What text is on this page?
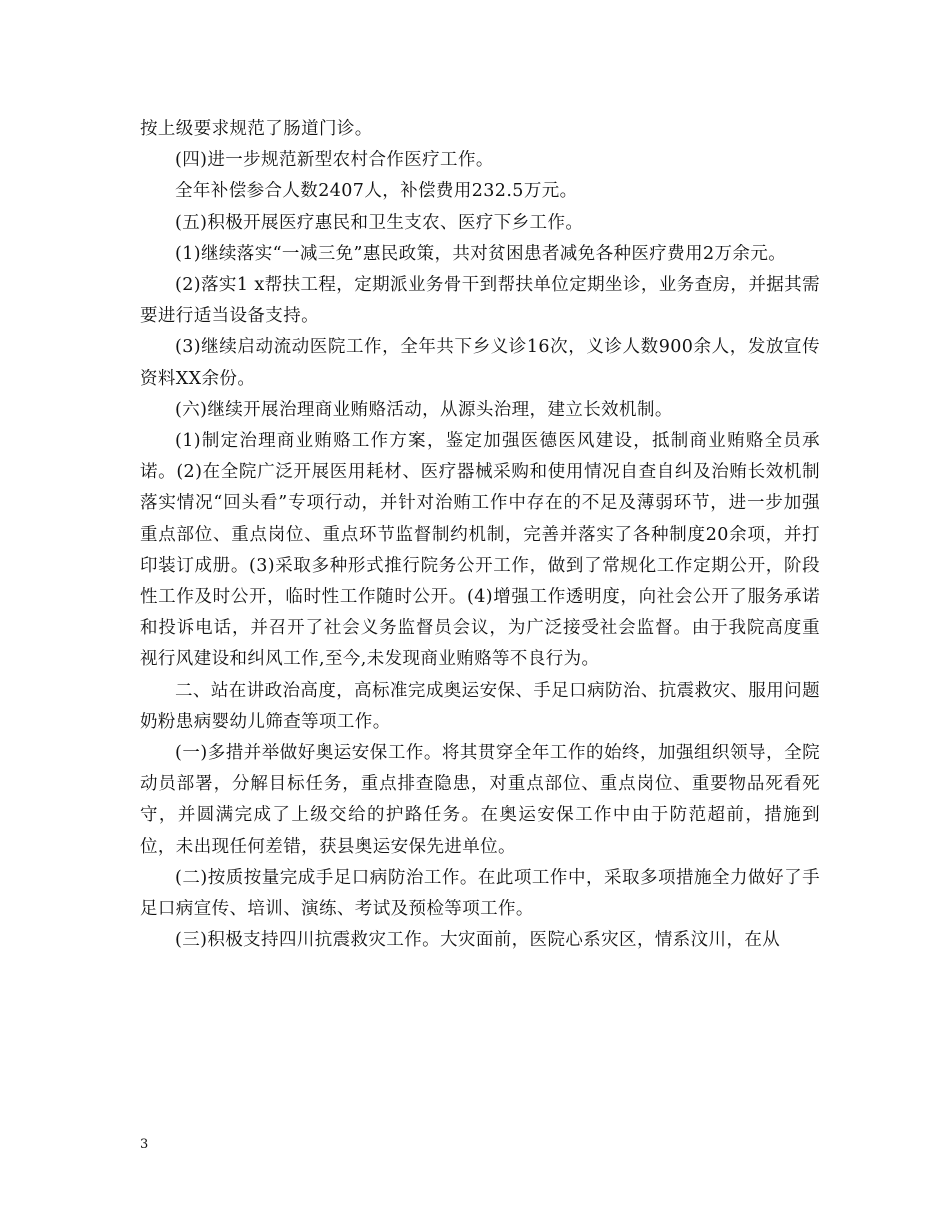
按上级要求规范了肠道门诊。

(四)进一步规范新型农村合作医疗工作。

全年补偿参合人数2407人，补偿费用232.5万元。

(五)积极开展医疗惠民和卫生支农、医疗下乡工作。

(1)继续落实“一减三免”惠民政策，共对贫困患者减免各种医疗费用2万余元。

(2)落实1 x帮扶工程，定期派业务骨干到帮扶单位定期坐诊，业务查房，并据其需要进行适当设备支持。

(3)继续启动流动医院工作，全年共下乡义诊16次，义诊人数900余人，发放宣传资料XX余份。

(六)继续开展治理商业贿赂活动，从源头治理，建立长效机制。

(1)制定治理商业贿赂工作方案，鉴定加强医德医风建设，抵制商业贿赂全员承诺。(2)在全院广泛开展医用耗材、医疗器械采购和使用情况自查自纠及治贿长效机制落实情况“回头看”专项行动，并针对治贿工作中存在的不足及薄弱环节，进一步加强重点部位、重点岗位、重点环节监督制约机制，完善并落实了各种制度20余项，并打印装订成册。(3)采取多种形式推行院务公开工作，做到了常规化工作定期公开，阶段性工作及时公开，临时性工作随时公开。(4)增强工作透明度，向社会公开了服务承诺和投诉电话，并召开了社会义务监督员会议，为广泛接受社会监督。由于我院高度重视行风建设和纠风工作,至今,未发现商业贿赂等不良行为。

二、站在讲政治高度，高标准完成奥运安保、手足口病防治、抗震救灾、服用问题奶粉患病婴幼儿筛查等项工作。

(一)多措并举做好奥运安保工作。将其贯穿全年工作的始终，加强组织领导，全院动员部署，分解目标任务，重点排查隐患，对重点部位、重点岗位、重要物品死看死守，并圆满完成了上级交给的护路任务。在奥运安保工作中由于防范超前，措施到位，未出现任何差错，获县奥运安保先进单位。

(二)按质按量完成手足口病防治工作。在此项工作中，采取多项措施全力做好了手足口病宣传、培训、演练、考试及预检等项工作。

(三)积极支持四川抗震救灾工作。大灾面前，医院心系灾区，情系汶川，在从

3
